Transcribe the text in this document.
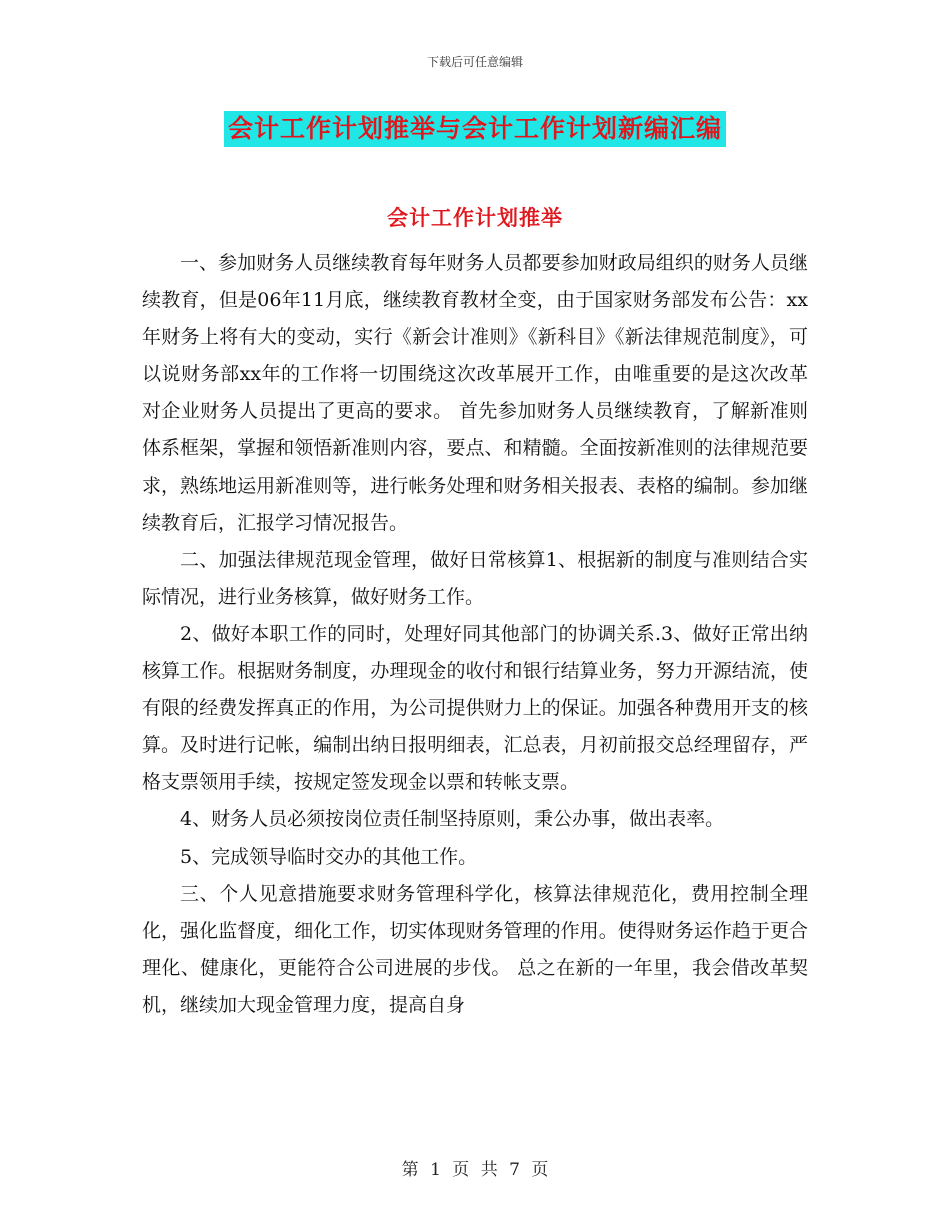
下载后可任意编辑
会计工作计划推举与会计工作计划新编汇编
会计工作计划推举

一、参加财务人员继续教育每年财务人员都要参加财政局组织的财务人员继续教育，但是06年11月底，继续教育教材全变，由于国家财务部发布公告：xx年财务上将有大的变动，实行《新会计准则》《新科目》《新法律规范制度》，可以说财务部xx年的工作将一切围绕这次改革展开工作，由唯重要的是这次改革对企业财务人员提出了更高的要求。 首先参加财务人员继续教育，了解新准则体系框架，掌握和领悟新准则内容，要点、和精髓。全面按新准则的法律规范要求，熟练地运用新准则等，进行帐务处理和财务相关报表、表格的编制。参加继续教育后，汇报学习情况报告。

二、加强法律规范现金管理，做好日常核算1、根据新的制度与准则结合实际情况，进行业务核算，做好财务工作。

2、做好本职工作的同时，处理好同其他部门的协调关系.3、做好正常出纳核算工作。根据财务制度，办理现金的收付和银行结算业务，努力开源结流，使有限的经费发挥真正的作用，为公司提供财力上的保证。加强各种费用开支的核算。及时进行记帐，编制出纳日报明细表，汇总表，月初前报交总经理留存，严格支票领用手续，按规定签发现金以票和转帐支票。

4、财务人员必须按岗位责任制坚持原则，秉公办事，做出表率。

5、完成领导临时交办的其他工作。

三、个人见意措施要求财务管理科学化，核算法律规范化，费用控制全理化，强化监督度，细化工作，切实体现财务管理的作用。使得财务运作趋于更合理化、健康化，更能符合公司进展的步伐。 总之在新的一年里，我会借改革契机，继续加大现金管理力度，提高自身

第 1 页 共 7 页
